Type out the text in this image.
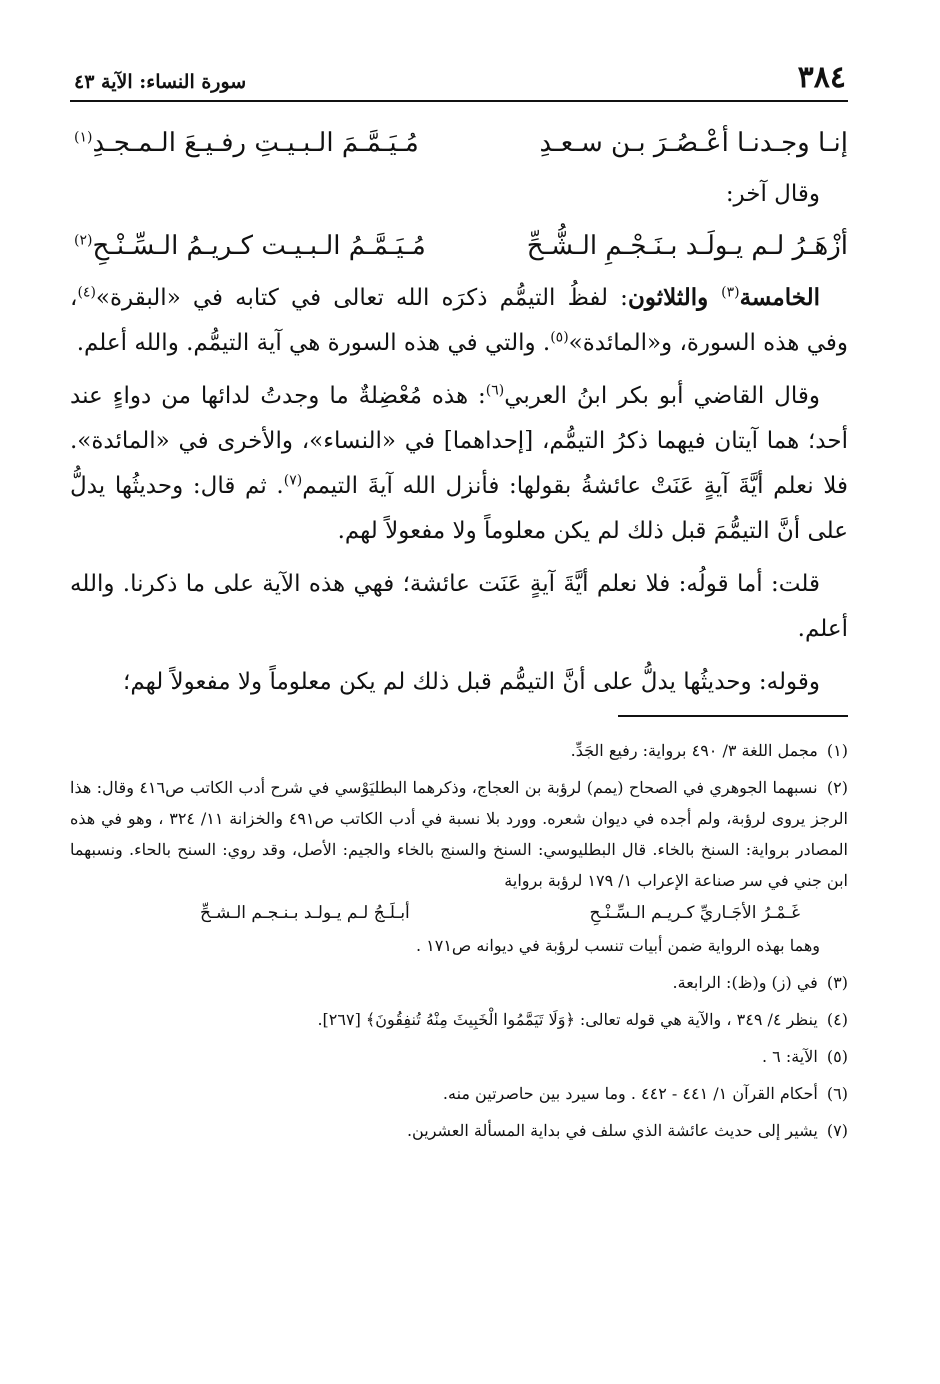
٣٨٤
سورة النساء: الآية ٤٣
إنـا وجـدنـا أعْـصُـرَ بـن سـعـدِ
مُـيَـمَّـمَ الـبـيـتِ رفـيـعَ الـمـجـدِ$^{(١)}$

وقال آخر:

أزْهَـرُ لـم يـولَـد بـنَـجْـمِ الـشُّـحِّ
مُـيَـمَّـمُ الـبـيـت كـريـمُ الـسِّـنْـحِ$^{(٢)}$

الخامسة$^{(٣)}$ والثلاثون: لفظُ التيمُّم ذكرَه الله تعالى في كتابه في «البقرة»$^{(٤)}$، وفي هذه السورة، و«المائدة»$^{(٥)}$. والتي في هذه السورة هي آية التيمُّم. والله أعلم.

وقال القاضي أبو بكر ابنُ العربي$^{(٦)}$: هذه مُعْضِلةٌ ما وجدتُ لدائها من دواءٍ عند أحد؛ هما آيتان فيهما ذكرُ التيمُّم، [إحداهما] في «النساء»، والأخرى في «المائدة». فلا نعلم أيَّةَ آيةٍ عَنَتْ عائشةُ بقولها: فأنزل الله آيةَ التيمم$^{(٧)}$. ثم قال: وحديثُها يدلُّ على أنَّ التيمُّمَ قبل ذلك لم يكن معلوماً ولا مفعولاً لهم.

قلت: أما قولُه: فلا نعلم أيَّةَ آيةٍ عَنَت عائشة؛ فهي هذه الآية على ما ذكرنا. والله أعلم.

وقوله: وحديثُها يدلُّ على أنَّ التيمُّم قبل ذلك لم يكن معلوماً ولا مفعولاً لهم؛

(١) مجمل اللغة ٣/ ٤٩٠ برواية: رفيع الجَدِّ.

(٢) نسبهما الجوهري في الصحاح (يمم) لرؤبة بن العجاج، وذكرهما البطليَوْسي في شرح أدب الكاتب ص٤١٦ وقال: هذا الرجز يروى لرؤبة، ولم أجده في ديوان شعره. وورد بلا نسبة في أدب الكاتب ص٤٩١ والخزانة ١١/ ٣٢٤ ، وهو في هذه المصادر برواية: السنخ بالخاء. قال البطليوسي: السنخ والسنج بالخاء والجيم: الأصل، وقد روي: السنح بالحاء. ونسبهما ابن جني في سر صناعة الإعراب ١/ ١٧٩ لرؤبة برواية

غَـمْـرُ الأجَـاريِّ كـريـم الـسِّـنْـحِ
أبـلَـجُ لـم يـولـد بـنـجـم الـشـحِّ

وهما بهذه الرواية ضمن أبيات تنسب لرؤبة في ديوانه ص١٧١ .

(٣) في (ز) و(ظ): الرابعة.

(٤) ينظر ٤/ ٣٤٩ ، والآية هي قوله تعالى: ﴿وَلَا تَيَمَّمُوا الْخَبِيثَ مِنْهُ تُنفِقُونَ﴾ [٢٦٧].

(٥) الآية: ٦ .

(٦) أحكام القرآن ١/ ٤٤١ - ٤٤٢ . وما سيرد بين حاصرتين منه.

(٧) يشير إلى حديث عائشة الذي سلف في بداية المسألة العشرين.
